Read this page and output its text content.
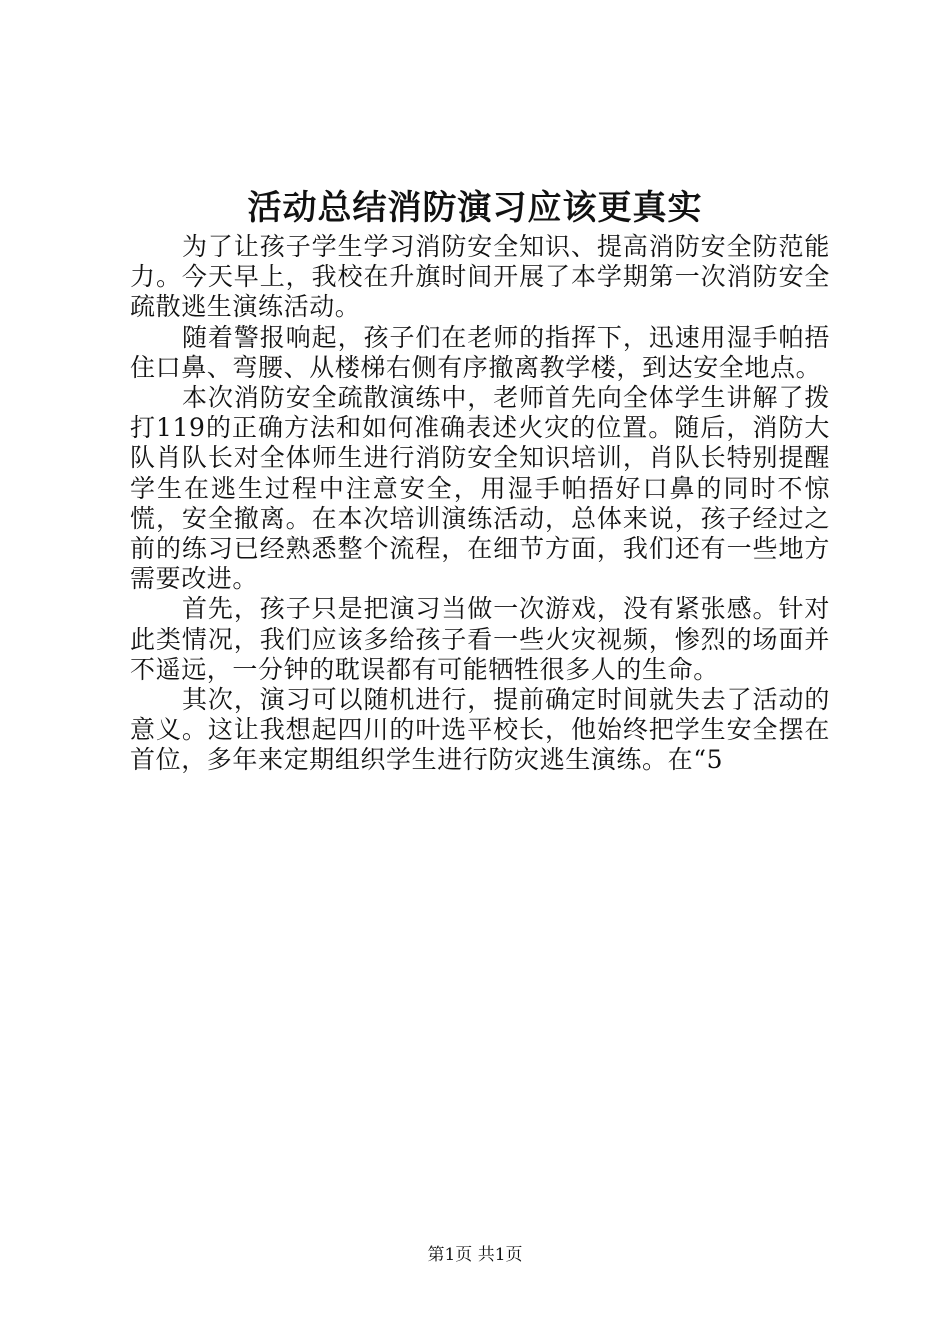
活动总结消防演习应该更真实

为了让孩子学生学习消防安全知识、提高消防安全防范能力。今天早上，我校在升旗时间开展了本学期第一次消防安全疏散逃生演练活动。

随着警报响起，孩子们在老师的指挥下，迅速用湿手帕捂住口鼻、弯腰、从楼梯右侧有序撤离教学楼，到达安全地点。

本次消防安全疏散演练中，老师首先向全体学生讲解了拨打119的正确方法和如何准确表述火灾的位置。随后，消防大队肖队长对全体师生进行消防安全知识培训，肖队长特别提醒学生在逃生过程中注意安全，用湿手帕捂好口鼻的同时不惊慌，安全撤离。在本次培训演练活动，总体来说，孩子经过之前的练习已经熟悉整个流程，在细节方面，我们还有一些地方需要改进。

首先，孩子只是把演习当做一次游戏，没有紧张感。针对此类情况，我们应该多给孩子看一些火灾视频，惨烈的场面并不遥远，一分钟的耽误都有可能牺牲很多人的生命。

其次，演习可以随机进行，提前确定时间就失去了活动的意义。这让我想起四川的叶选平校长，他始终把学生安全摆在首位，多年来定期组织学生进行防灾逃生演练。在“5

第1页 共1页
